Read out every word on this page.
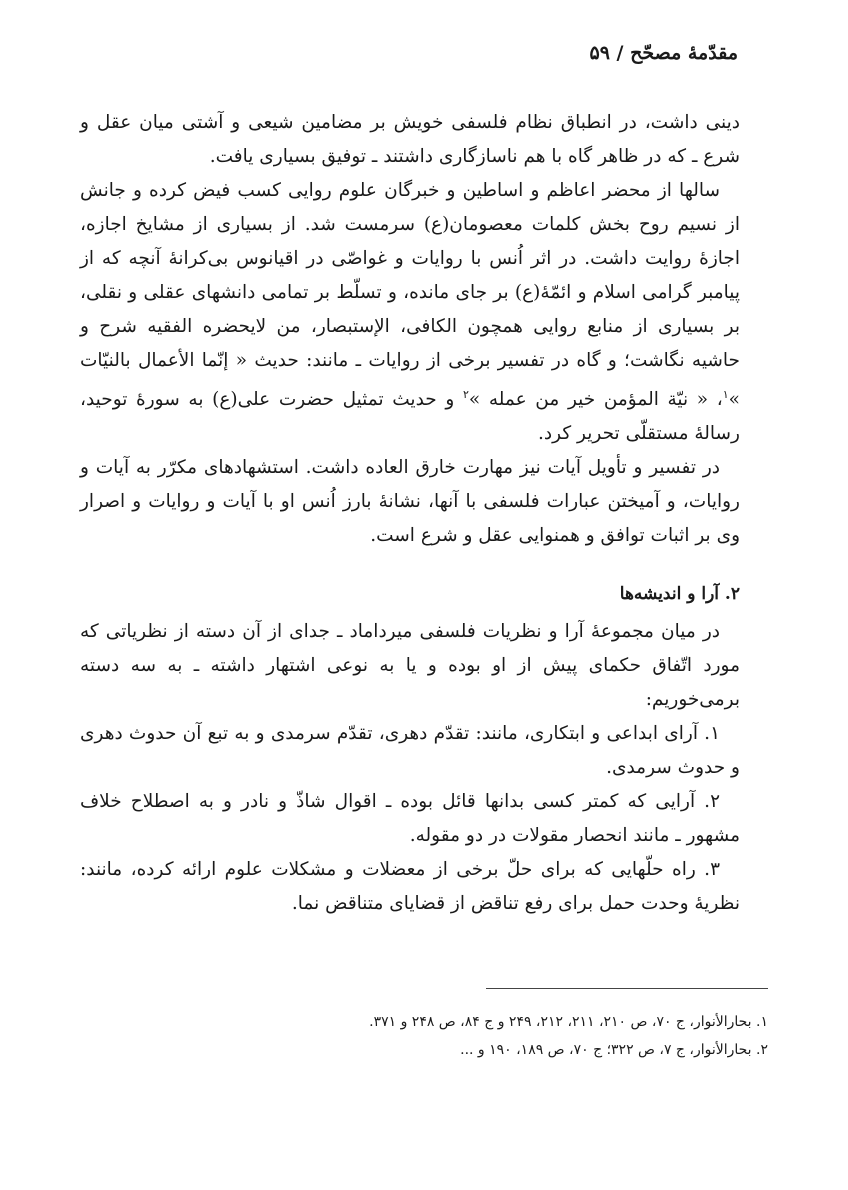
مقدّمهٔ مصحّح / ۵۹

دینی داشت، در انطباق نظام فلسفی خویش بر مضامین شیعی و آشتی میان عقل و شرع ـ که در ظاهر گاه با هم ناسازگاری داشتند ـ توفیق بسیاری یافت.

سالها از محضر اعاظم و اساطین و خبرگان علوم روایی کسب فیض کرده و جانش از نسیم روح بخش کلمات معصومان(ع) سرمست شد. از بسیاری از مشایخ اجازه، اجازهٔ روایت داشت. در اثر اُنس با روایات و غواصّی در اقیانوس بی‌کرانهٔ آنچه که از پیامبر گرامی اسلام و ائمّهٔ(ع) بر جای مانده، و تسلّط بر تمامی دانشهای عقلی و نقلی، بر بسیاری از منابع روایی همچون الکافی، الإستبصار، من لایحضره الفقیه شرح و حاشیه نگاشت؛ و گاه در تفسیر برخی از روایات ـ مانند: حدیث « إنّما الأعمال بالنیّات »$^۱$، « نیّة المؤمن خیر من عمله »$^۲$ و حدیث تمثیل حضرت علی(ع) به سورهٔ توحید، رسالهٔ مستقلّی تحریر کرد.

در تفسیر و تأویل آیات نیز مهارت خارق العاده داشت. استشهادهای مکرّر به آیات و روایات، و آمیختن عبارات فلسفی با آنها، نشانهٔ بارز اُنس او با آیات و روایات و اصرار وی بر اثبات توافق و همنوایی عقل و شرع است.

۲. آرا و اندیشه‌ها

در میان مجموعهٔ آرا و نظریات فلسفی میرداماد ـ جدای از آن دسته از نظریاتی که مورد اتّفاق حکمای پیش از او بوده و یا به نوعی اشتهار داشته ـ به سه دسته برمی‌خوریم:

۱. آرای ابداعی و ابتکاری، مانند: تقدّم دهری، تقدّم سرمدی و به تبع آن حدوث دهری و حدوث سرمدی.

۲. آرایی که کمتر کسی بدانها قائل بوده ـ اقوال شاذّ و نادر و به اصطلاح خلاف مشهور ـ مانند انحصار مقولات در دو مقوله.

۳. راه حلّهایی که برای حلّ برخی از معضلات و مشکلات علوم ارائه کرده، مانند: نظریهٔ وحدت حمل برای رفع تناقض از قضایای متناقض نما.

۱. بحارالأنوار، ج ۷۰، ص ۲۱۰، ۲۱۱، ۲۱۲، ۲۴۹ و ج ۸۴، ص ۲۴۸ و ۳۷۱.
۲. بحارالأنوار، ج ۷، ص ۳۲۲؛ ج ۷۰، ص ۱۸۹، ۱۹۰ و ...
